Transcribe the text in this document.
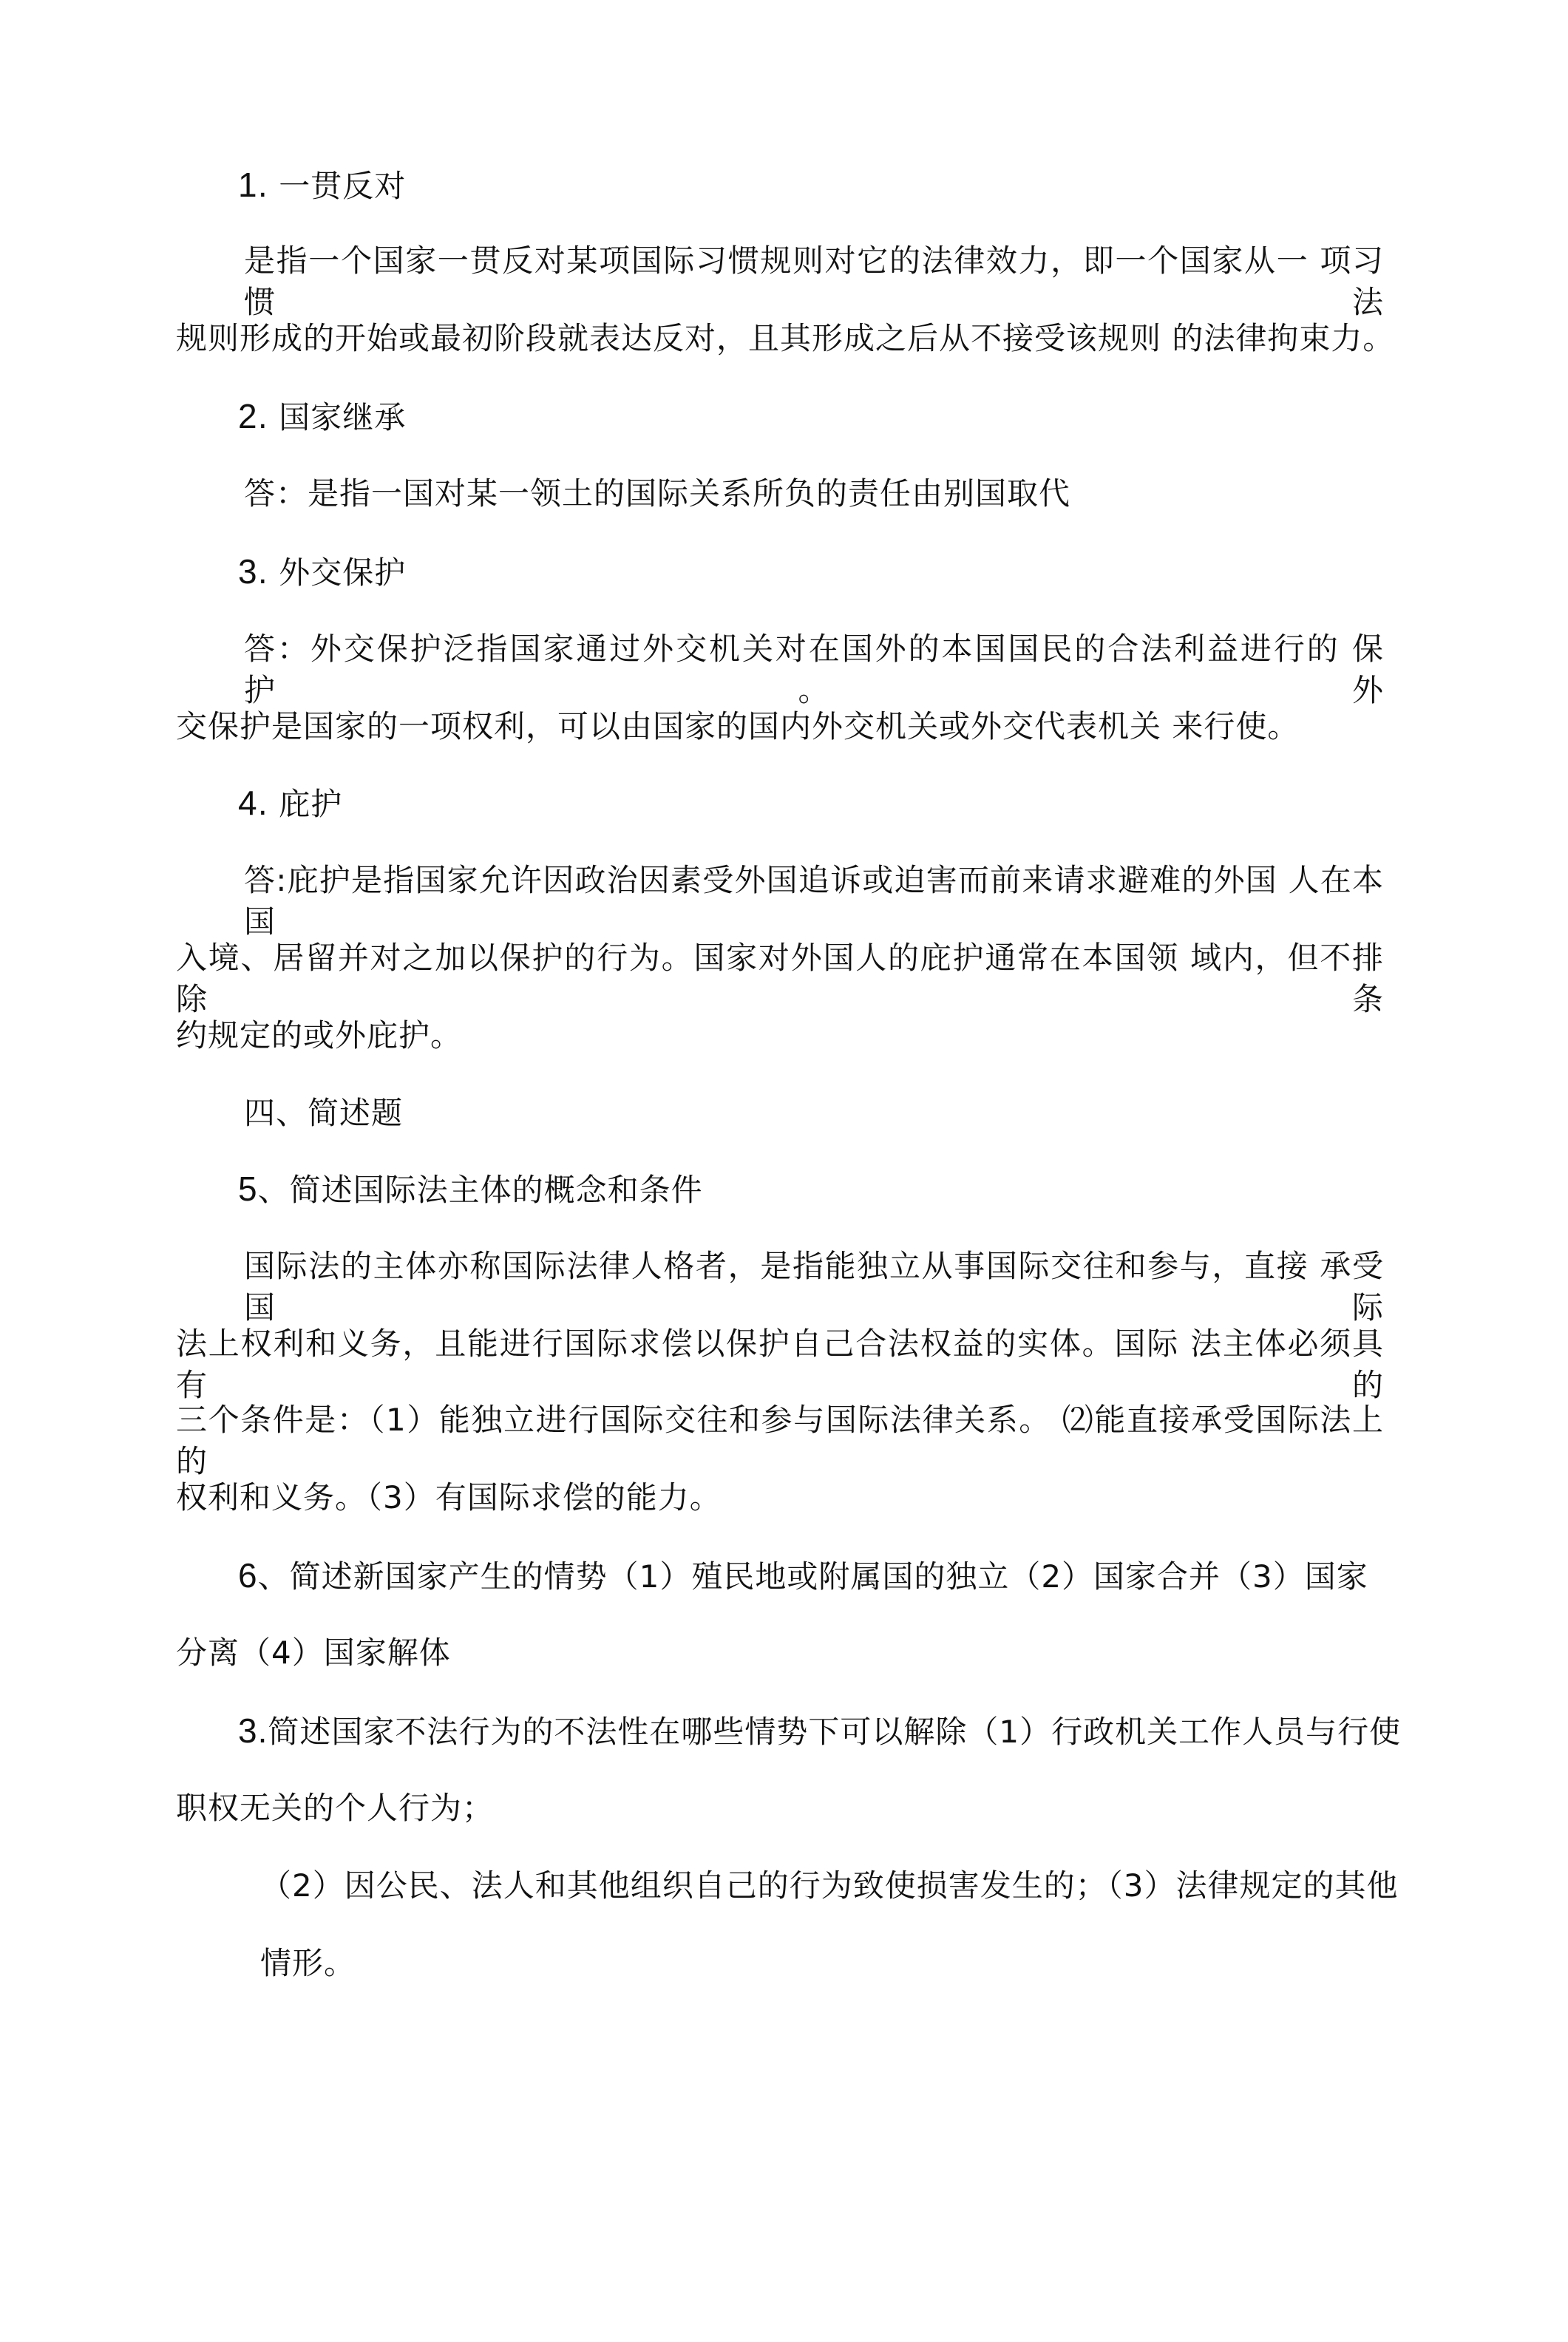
1. 一贯反对
是指一个国家一贯反对某项国际习惯规则对它的法律效力，即一个国家从一 项习惯法
规则形成的开始或最初阶段就表达反对，且其形成之后从不接受该规则 的法律拘束力。
2. 国家继承
答：是指一国对某一领土的国际关系所负的责任由别国取代
3. 外交保护
答：外交保护泛指国家通过外交机关对在国外的本国国民的合法利益进行的 保护。外
交保护是国家的一项权利，可以由国家的国内外交机关或外交代表机关 来行使。
4. 庇护
答:庇护是指国家允许因政治因素受外国追诉或迫害而前来请求避难的外国 人在本国
入境、居留并对之加以保护的行为。国家对外国人的庇护通常在本国领 域内，但不排除条
约规定的或外庇护。
四、简述题
5、简述国际法主体的概念和条件
国际法的主体亦称国际法律人格者，是指能独立从事国际交往和参与，直接 承受国际
法上权利和义务，且能进行国际求偿以保护自己合法权益的实体。国际 法主体必须具有的
三个条件是：（1）能独立进行国际交往和参与国际法律关系。 ⑵能直接承受国际法上的
权利和义务。（3）有国际求偿的能力。
6、简述新国家产生的情势（1）殖民地或附属国的独立（2）国家合并（3）国家
分离（4）国家解体
3.简述国家不法行为的不法性在哪些情势下可以解除（1）行政机关工作人员与行使
职权无关的个人行为；
（2）因公民、法人和其他组织自己的行为致使损害发生的；（3）法律规定的其他
情形。
